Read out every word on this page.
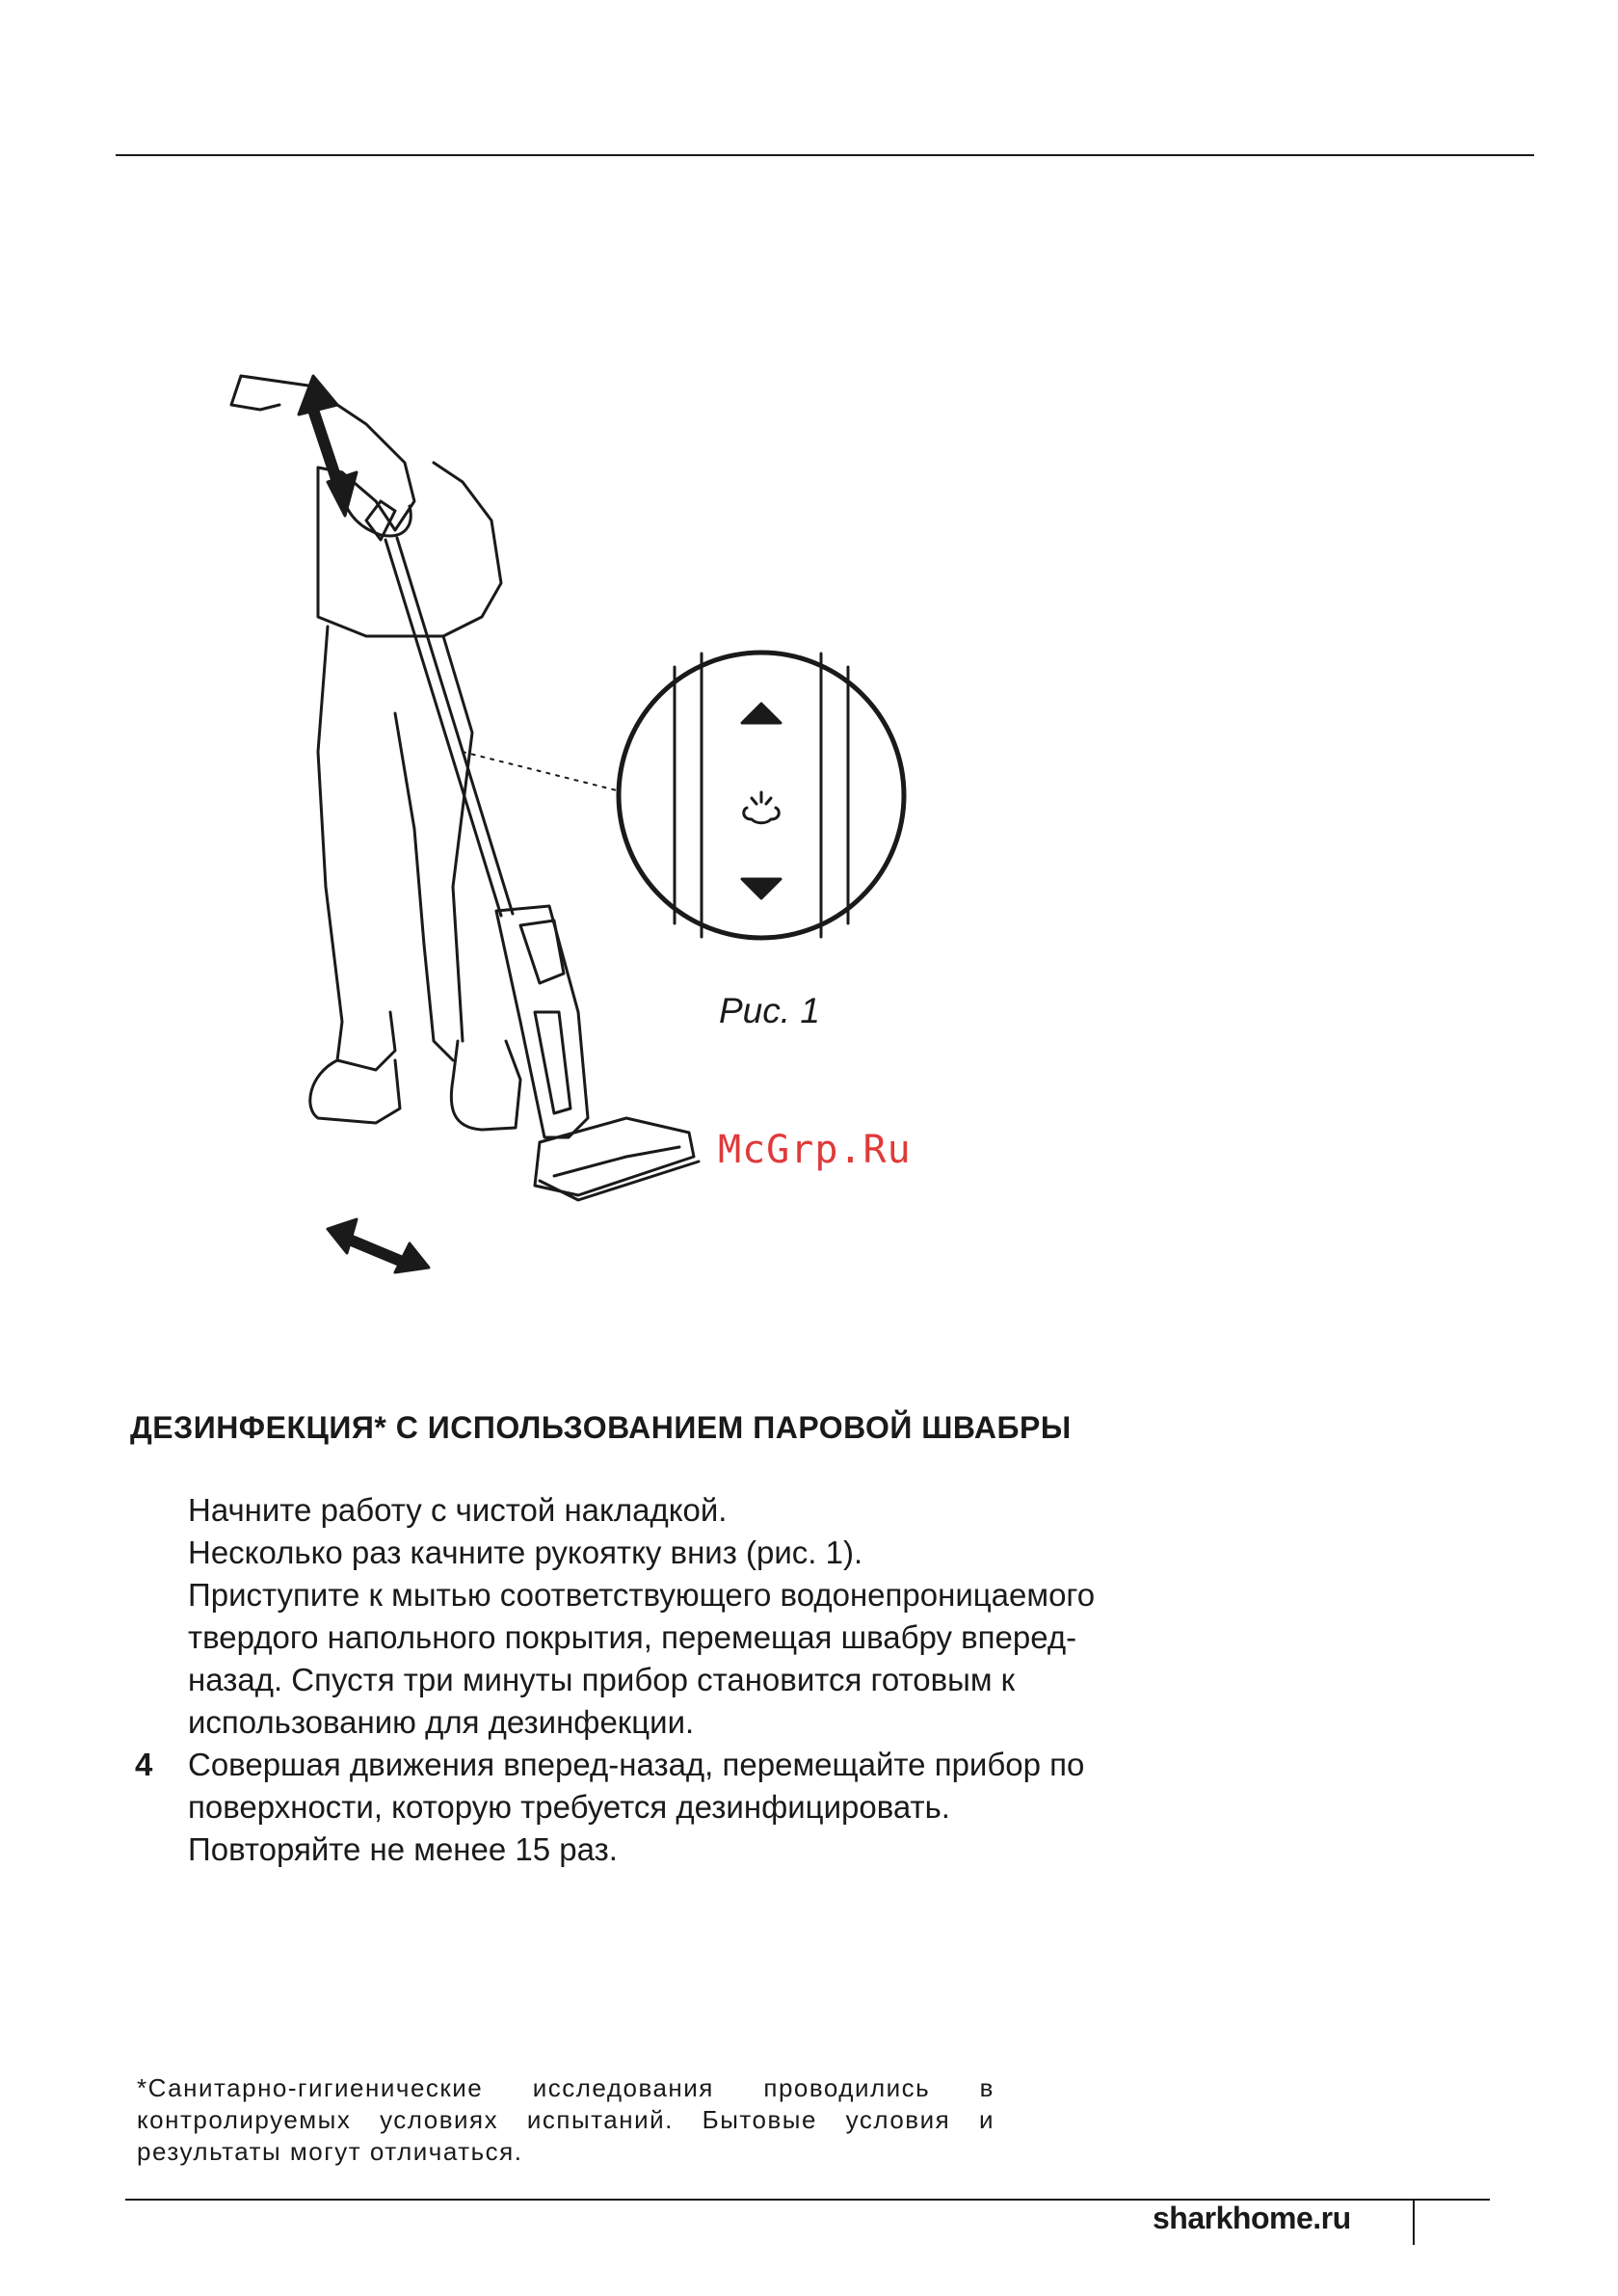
Рис. 1
McGrp.Ru
ДЕЗИНФЕКЦИЯ* С ИСПОЛЬЗОВАНИЕМ ПАРОВОЙ ШВАБРЫ
Начните работу с чистой накладкой.
Несколько раз качните рукоятку вниз (рис. 1).
Приступите к мытью соответствующего водонепроницаемого твердого напольного покрытия, перемещая швабру вперед-назад. Спустя три минуты прибор становится готовым к использованию для дезинфекции.
4 Совершая движения вперед-назад, перемещайте прибор по поверхности, которую требуется дезинфицировать. Повторяйте не менее 15 раз.

*Санитарно-гигиенические исследования проводились в контролируемых условиях испытаний. Бытовые условия и результаты могут отличаться.

sharkhome.ru
